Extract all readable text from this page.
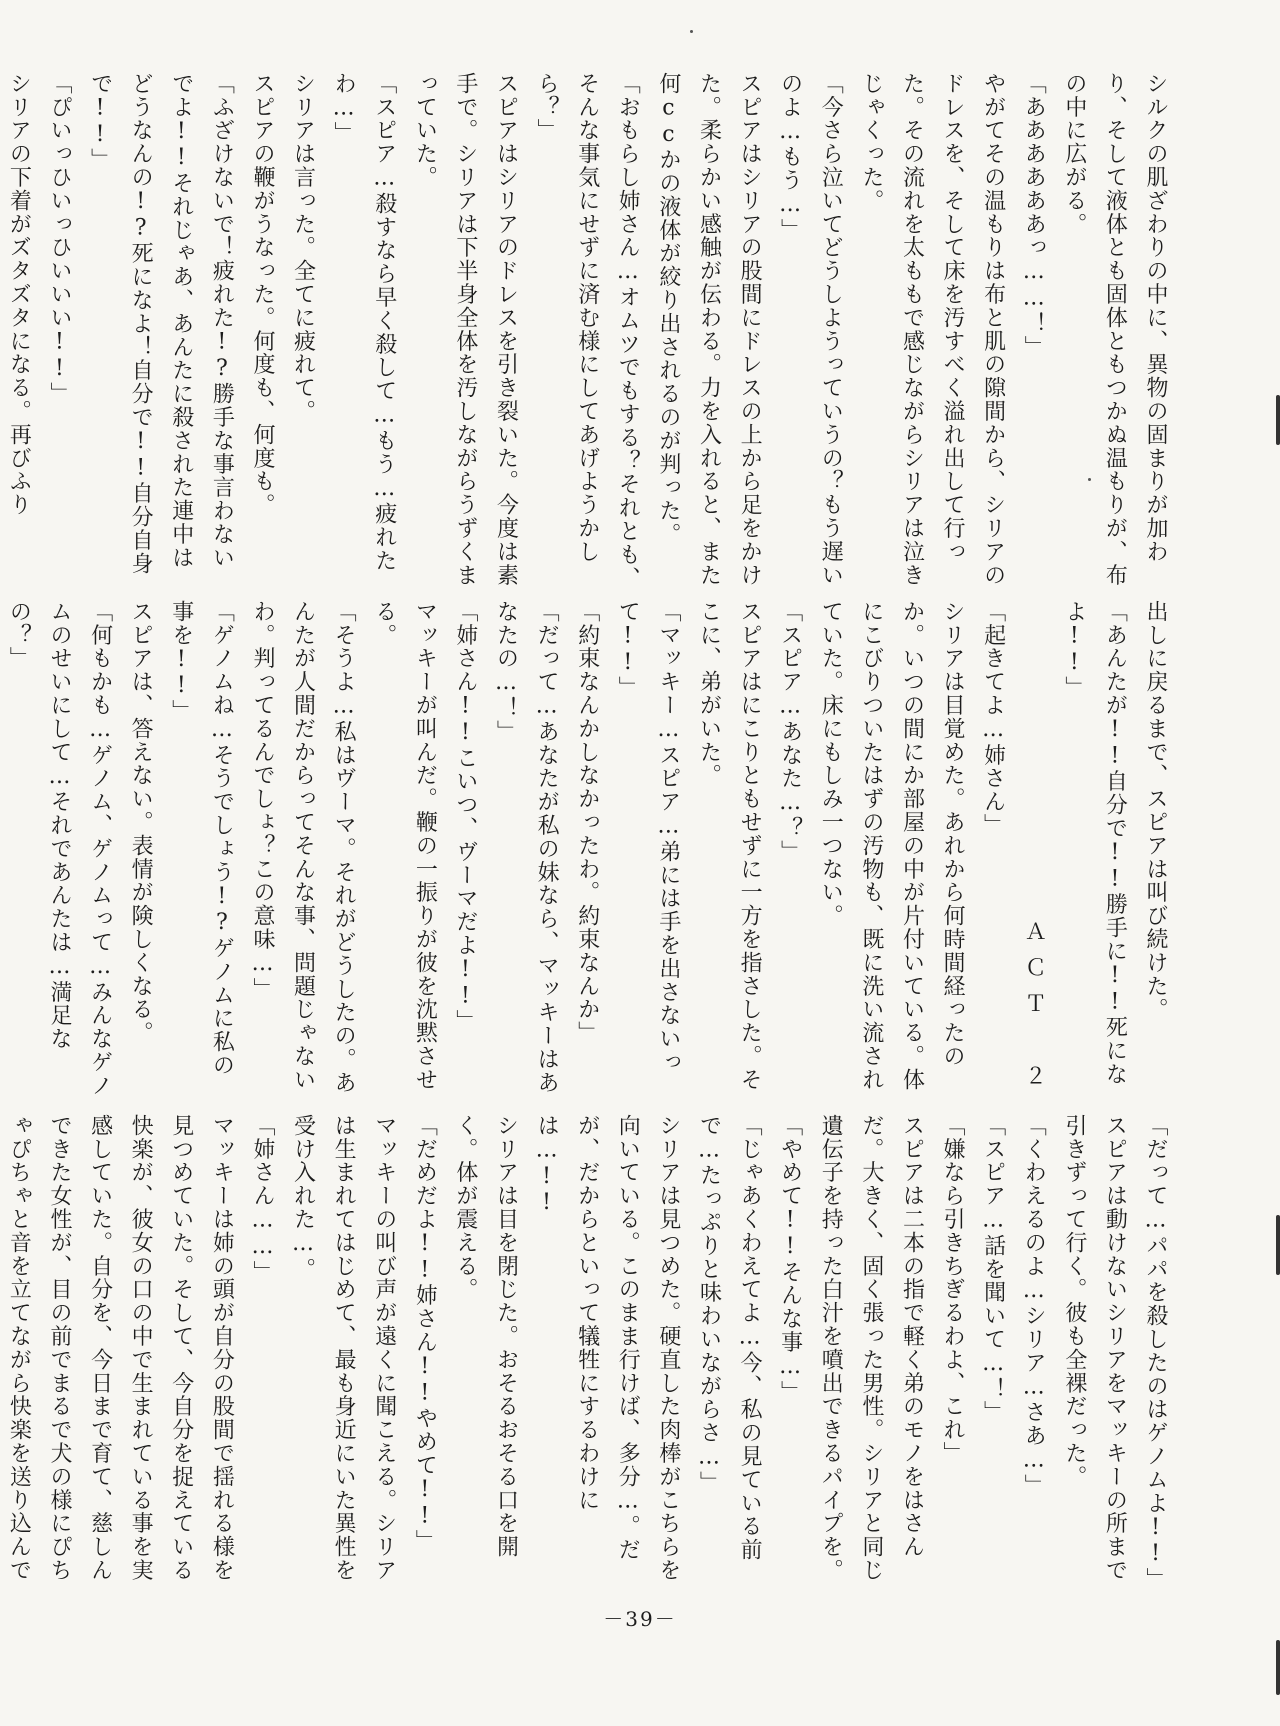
シルクの肌ざわりの中に、異物の固まりが加わり、そして液体とも固体ともつかぬ温もりが、布の中に広がる。

「ああああああっ……！」

やがてその温もりは布と肌の隙間から、シリアのドレスを、そして床を汚すべく溢れ出して行った。その流れを太ももで感じながらシリアは泣きじゃくった。

「今さら泣いてどうしようっていうの？もう遅いのよ…もう…」

スピアはシリアの股間にドレスの上から足をかけた。柔らかい感触が伝わる。力を入れると、また何ccかの液体が絞り出されるのが判った。

「おもらし姉さん…オムツでもする？それとも、そんな事気にせずに済む様にしてあげようかしら？」

スピアはシリアのドレスを引き裂いた。今度は素手で。シリアは下半身全体を汚しながらうずくまっていた。

「スピア…殺すなら早く殺して…もう…疲れたわ…」

シリアは言った。全てに疲れて。

スピアの鞭がうなった。何度も、何度も。

「ふざけないで！疲れた!?勝手な事言わないでよ!!それじゃあ、あんたに殺された連中はどうなんの!?死になよ！自分で!!自分自身で!!」

「ぴいっひいっひいいい!!」

シリアの下着がズタズタになる。再びふり

出しに戻るまで、スピアは叫び続けた。

「あんたが!!自分で!!勝手に!!死になよ!!」

ＡＣＴ　２

「起きてよ…姉さん」

シリアは目覚めた。あれから何時間経ったのか。いつの間にか部屋の中が片付いている。体にこびりついたはずの汚物も、既に洗い流されていた。床にもしみ一つない。

「スピア…あなた…？」

スピアはにこりともせずに一方を指さした。そこに、弟がいた。

「マッキー…スピア…弟には手を出さないって!!」

「約束なんかしなかったわ。約束なんか」

「だって…あなたが私の妹なら、マッキーはあなたの…！」

「姉さん!!こいつ、ヴーマだよ!!」

マッキーが叫んだ。鞭の一振りが彼を沈黙させる。

「そうよ…私はヴーマ。それがどうしたの。あんたが人間だからってそんな事、問題じゃないわ。判ってるんでしょ？この意味…」

「ゲノムね…そうでしょう!?ゲノムに私の事を!!」

スピアは、答えない。表情が険しくなる。

「何もかも…ゲノム、ゲノムって…みんなゲノムのせいにして…それであんたは…満足なの？」

「だって…パパを殺したのはゲノムよ!!」

スピアは動けないシリアをマッキーの所まで引きずって行く。彼も全裸だった。

「くわえるのよ…シリア…さあ…」

「スピア…話を聞いて…！」

「嫌なら引きちぎるわよ、これ」

スピアは二本の指で軽く弟のモノをはさんだ。大きく、固く張った男性。シリアと同じ遺伝子を持った白汁を噴出できるパイプを。

「やめて!!そんな事…」

「じゃあくわえてよ…今、私の見ている前で…たっぷりと味わいながらさ…」

シリアは見つめた。硬直した肉棒がこちらを向いている。このまま行けば、多分…。だが、だからといって犠牲にするわけには…!!

シリアは目を閉じた。おそるおそる口を開く。体が震える。

「だめだよ!!姉さん!!やめて!!」

マッキーの叫び声が遠くに聞こえる。シリアは生まれてはじめて、最も身近にいた異性を受け入れた…。

「姉さん……」

マッキーは姉の頭が自分の股間で揺れる様を見つめていた。そして、今自分を捉えている快楽が、彼女の口の中で生まれている事を実感していた。自分を、今日まで育て、慈しんできた女性が、目の前でまるで犬の様にぴちゃぴちゃと音を立てながら快楽を送り込んで

－39－
